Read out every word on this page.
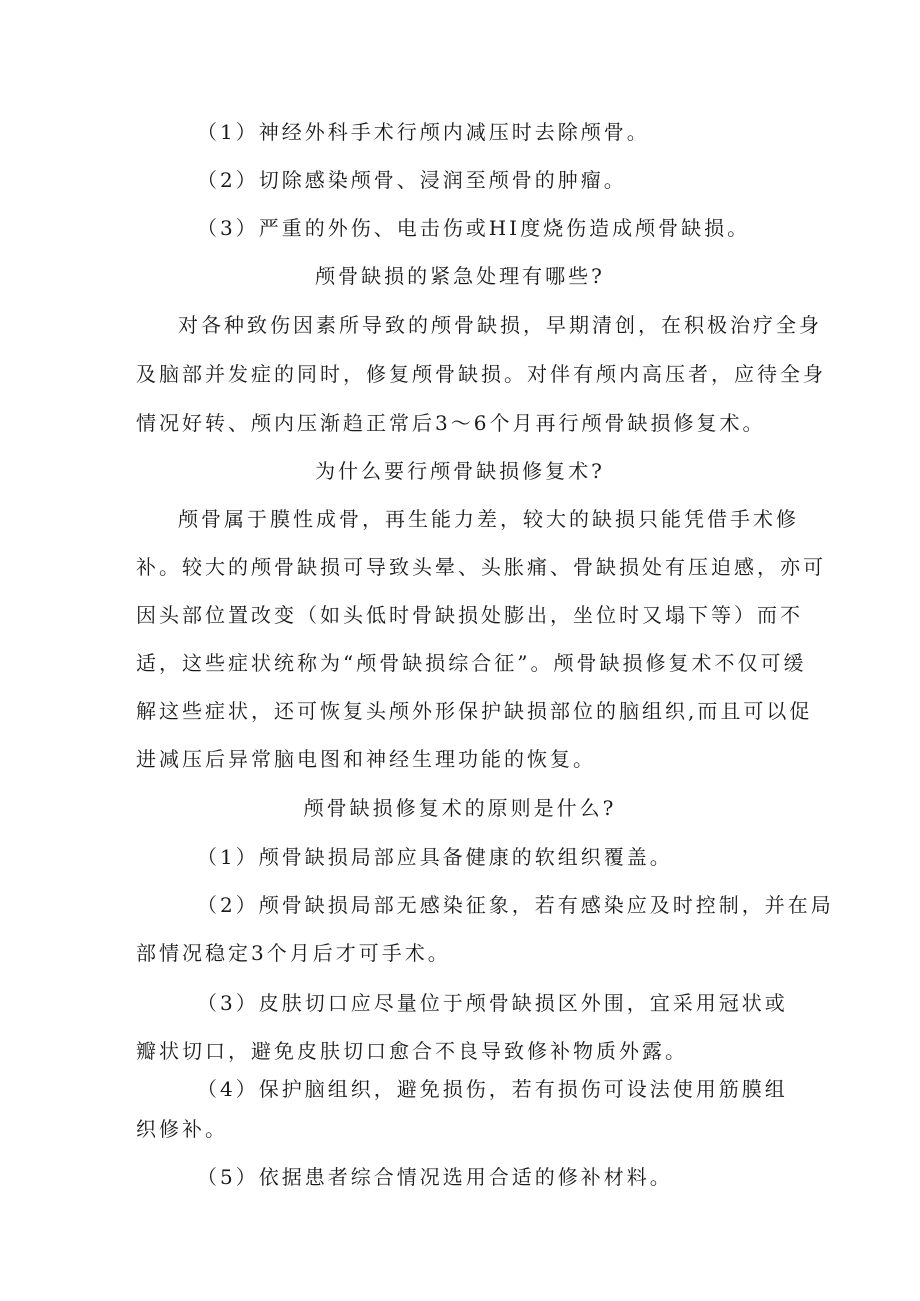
（1）神经外科手术行颅内减压时去除颅骨。
（2）切除感染颅骨、浸润至颅骨的肿瘤。
（3）严重的外伤、电击伤或HI度烧伤造成颅骨缺损。
颅骨缺损的紧急处理有哪些?
对各种致伤因素所导致的颅骨缺损，早期清创，在积极治疗全身
及脑部并发症的同时，修复颅骨缺损。对伴有颅内高压者，应待全身
情况好转、颅内压渐趋正常后3〜6个月再行颅骨缺损修复术。
为什么要行颅骨缺损修复术?
颅骨属于膜性成骨，再生能力差，较大的缺损只能凭借手术修
补。较大的颅骨缺损可导致头晕、头胀痛、骨缺损处有压迫感，亦可
因头部位置改变（如头低时骨缺损处膨出，坐位时又塌下等）而不
适，这些症状统称为“颅骨缺损综合征”。颅骨缺损修复术不仅可缓
解这些症状，还可恢复头颅外形保护缺损部位的脑组织,而且可以促
进减压后异常脑电图和神经生理功能的恢复。
颅骨缺损修复术的原则是什么?
（1）颅骨缺损局部应具备健康的软组织覆盖。
（2）颅骨缺损局部无感染征象，若有感染应及时控制，并在局
部情况稳定3个月后才可手术。
（3）皮肤切口应尽量位于颅骨缺损区外围，宜采用冠状或
瓣状切口，避免皮肤切口愈合不良导致修补物质外露。
（4）保护脑组织，避免损伤，若有损伤可设法使用筋膜组
织修补。
（5）依据患者综合情况选用合适的修补材料。
